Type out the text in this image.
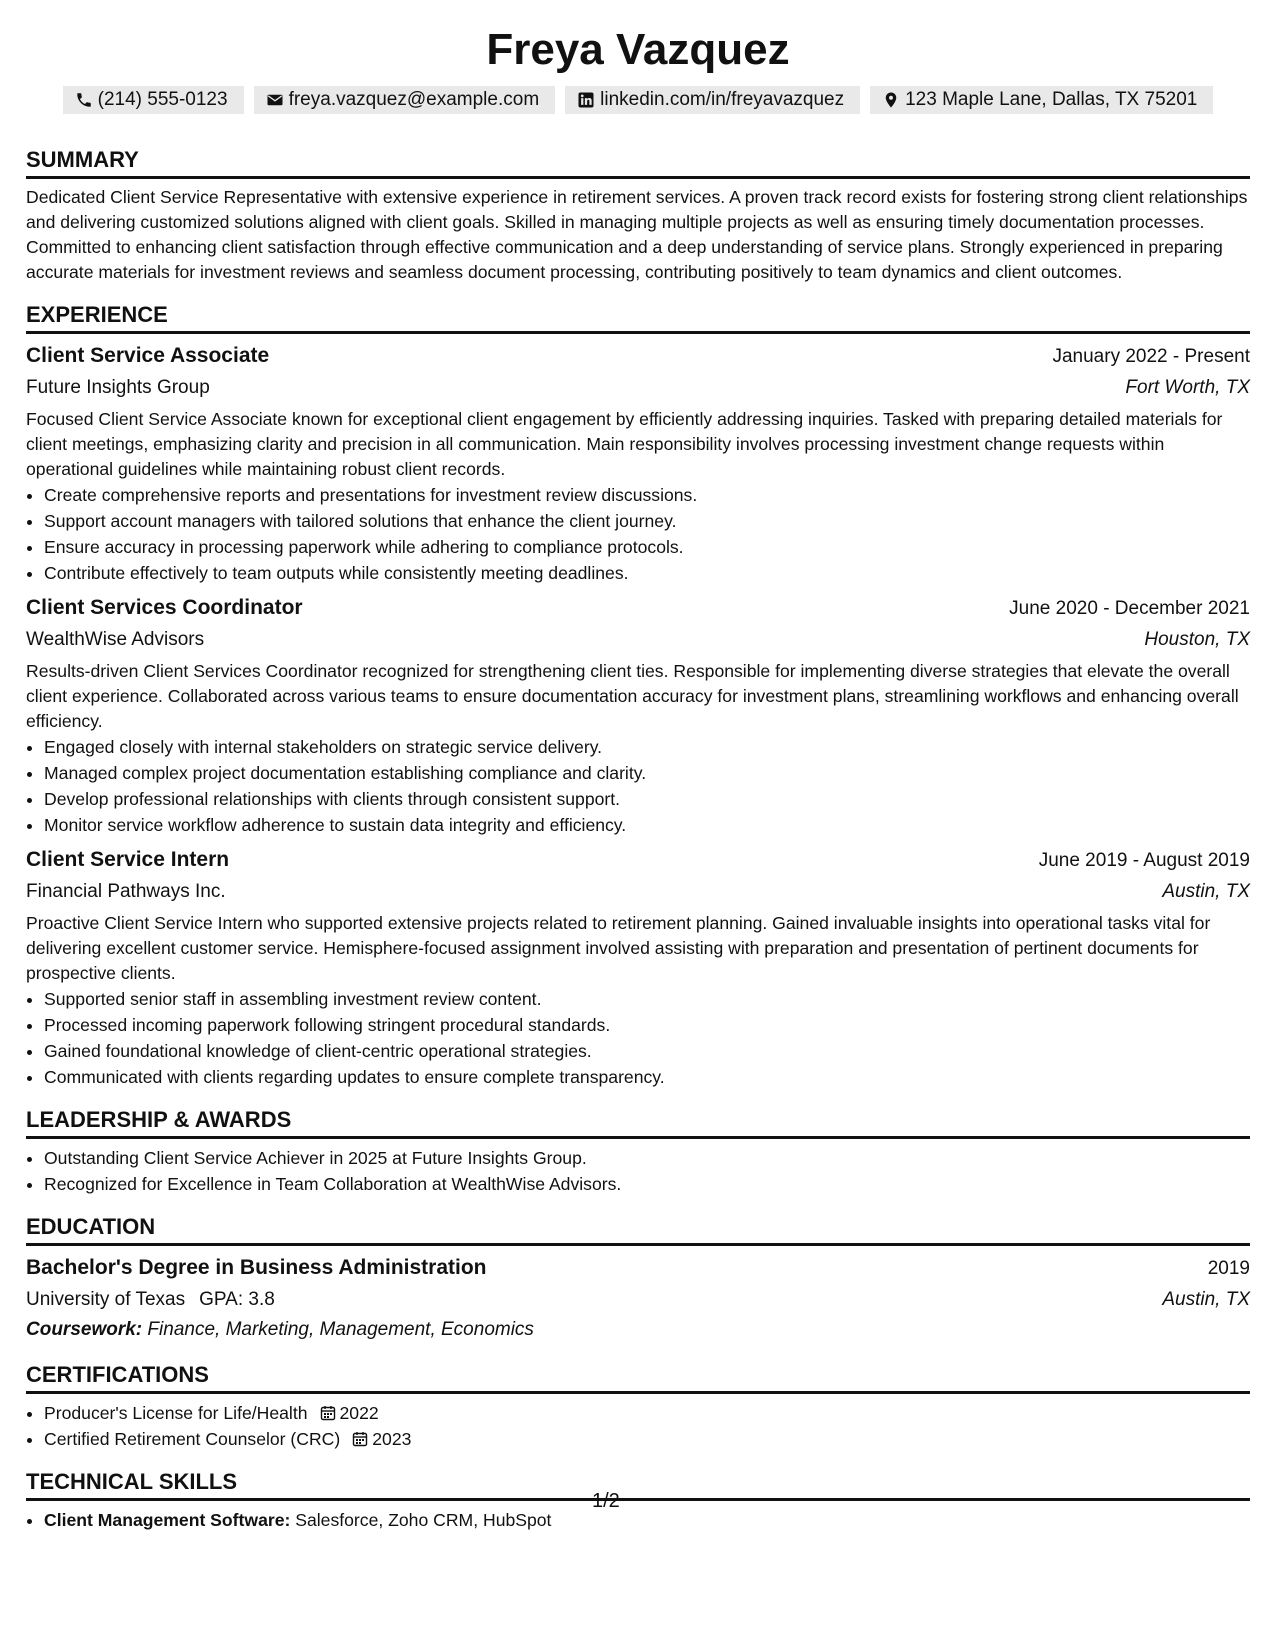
Freya Vazquez
(214) 555-0123	freya.vazquez@example.com	linkedin.com/in/freyavazquez	123 Maple Lane, Dallas, TX 75201
SUMMARY

Dedicated Client Service Representative with extensive experience in retirement services. A proven track record exists for fostering strong client relationships and delivering customized solutions aligned with client goals. Skilled in managing multiple projects as well as ensuring timely documentation processes. Committed to enhancing client satisfaction through effective communication and a deep understanding of service plans. Strongly experienced in preparing accurate materials for investment reviews and seamless document processing, contributing positively to team dynamics and client outcomes.

EXPERIENCE
Client Service Associate	January 2022 - Present
Future Insights Group	Fort Worth, TX

Focused Client Service Associate known for exceptional client engagement by efficiently addressing inquiries. Tasked with preparing detailed materials for client meetings, emphasizing clarity and precision in all communication. Main responsibility involves processing investment change requests within operational guidelines while maintaining robust client records.

• Create comprehensive reports and presentations for investment review discussions.
• Support account managers with tailored solutions that enhance the client journey.
• Ensure accuracy in processing paperwork while adhering to compliance protocols.
• Contribute effectively to team outputs while consistently meeting deadlines.
Client Services Coordinator	June 2020 - December 2021
WealthWise Advisors	Houston, TX

Results-driven Client Services Coordinator recognized for strengthening client ties. Responsible for implementing diverse strategies that elevate the overall client experience. Collaborated across various teams to ensure documentation accuracy for investment plans, streamlining workflows and enhancing overall efficiency.

• Engaged closely with internal stakeholders on strategic service delivery.
• Managed complex project documentation establishing compliance and clarity.
• Develop professional relationships with clients through consistent support.
• Monitor service workflow adherence to sustain data integrity and efficiency.
Client Service Intern	June 2019 - August 2019
Financial Pathways Inc.	Austin, TX

Proactive Client Service Intern who supported extensive projects related to retirement planning. Gained invaluable insights into operational tasks vital for delivering excellent customer service. Hemisphere-focused assignment involved assisting with preparation and presentation of pertinent documents for prospective clients.

• Supported senior staff in assembling investment review content.
• Processed incoming paperwork following stringent procedural standards.
• Gained foundational knowledge of client-centric operational strategies.
• Communicated with clients regarding updates to ensure complete transparency.
LEADERSHIP & AWARDS
• Outstanding Client Service Achiever in 2025 at Future Insights Group.
• Recognized for Excellence in Team Collaboration at WealthWise Advisors.
EDUCATION
Bachelor's Degree in Business Administration	2019
University of Texas GPA: 3.8	Austin, TX
Coursework: Finance, Marketing, Management, Economics
CERTIFICATIONS
• Producer's License for Life/Health 2022
• Certified Retirement Counselor (CRC) 2023
TECHNICAL SKILLS
• Client Management Software: Salesforce, Zoho CRM, HubSpot
1/2
